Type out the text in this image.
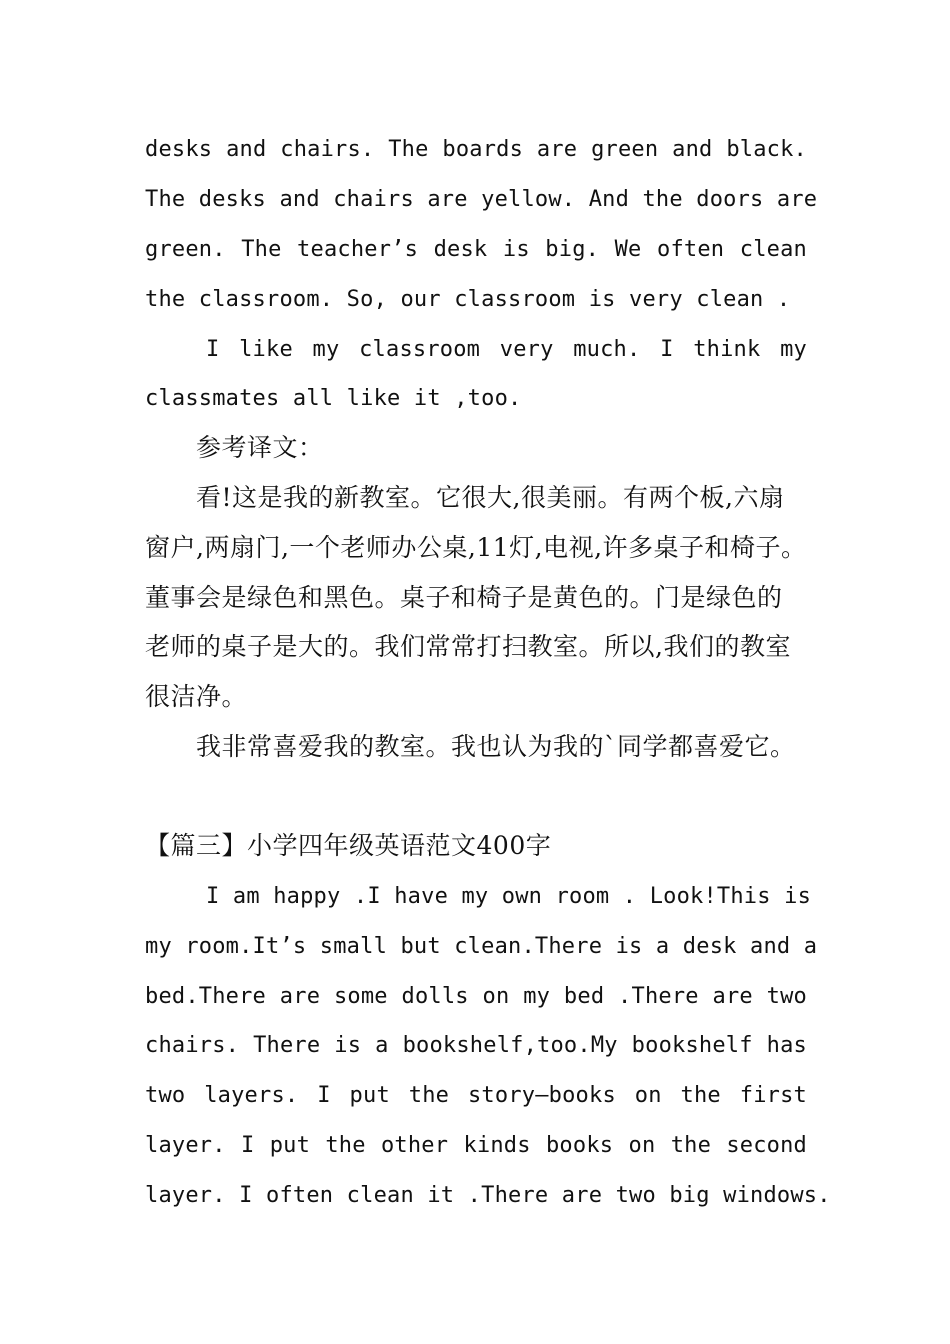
desks and chairs. The boards are green and black.
The desks and chairs are yellow. And the doors are
green. The teacher’s desk is big. We often clean
the classroom. So, our classroom is very clean .
I like my classroom very much. I think my
classmates all like it ,too.
参考译文：
看!这是我的新教室。它很大,很美丽。有两个板,六扇
窗户,两扇门,一个老师办公桌,11灯,电视,许多桌子和椅子。
董事会是绿色和黑色。桌子和椅子是黄色的。门是绿色的
老师的桌子是大的。我们常常打扫教室。所以,我们的教室
很洁净。
我非常喜爱我的教室。我也认为我的`同学都喜爱它。
【篇三】小学四年级英语范文400字
I am happy .I have my own room . Look!This is
my room.It’s small but clean.There is a desk and a
bed.There are some dolls on my bed .There are two
chairs. There is a bookshelf,too.My bookshelf has
two layers. I put the story—books on the first
layer. I put the other kinds books on the second
layer. I often clean it .There are two big windows.
